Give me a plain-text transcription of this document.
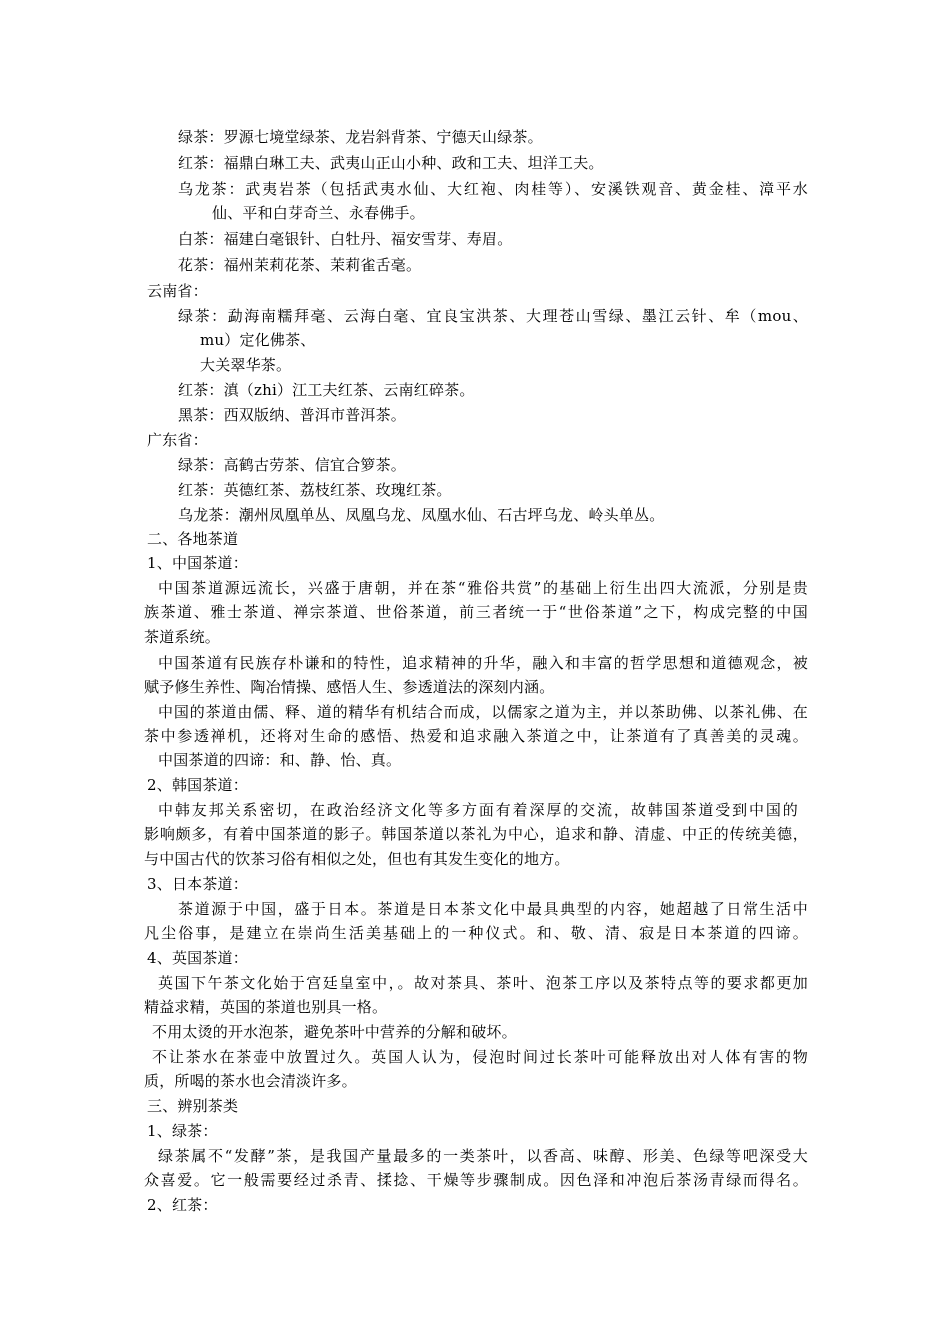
绿茶：罗源七境堂绿茶、龙岩斜背茶、宁德天山绿茶。
红茶：福鼎白琳工夫、武夷山正山小种、政和工夫、坦洋工夫。
乌龙茶：武夷岩茶（包括武夷水仙、大红袍、肉桂等）、安溪铁观音、黄金桂、漳平水
仙、平和白芽奇兰、永春佛手。
白茶：福建白毫银针、白牡丹、福安雪芽、寿眉。
花茶：福州茉莉花茶、茉莉雀舌毫。
云南省：
绿茶：勐海南糯拜毫、云海白毫、宜良宝洪茶、大理苍山雪绿、墨江云针、牟（mou、
mu）定化佛茶、
大关翠华茶。
红茶：滇（zhi）江工夫红茶、云南红碎茶。
黑茶：西双版纳、普洱市普洱茶。
广东省：
绿茶：高鹤古劳茶、信宜合箩茶。
红茶：英德红茶、荔枝红茶、玫瑰红茶。
乌龙茶：潮州凤凰单丛、凤凰乌龙、凤凰水仙、石古坪乌龙、岭头单丛。
二、各地茶道
1、中国茶道：
中国茶道源远流长，兴盛于唐朝，并在茶“雅俗共赏”的基础上衍生出四大流派，分别是贵
族茶道、雅士茶道、禅宗茶道、世俗茶道，前三者统一于“世俗茶道”之下，构成完整的中国
茶道系统。
中国茶道有民族存朴谦和的特性，追求精神的升华，融入和丰富的哲学思想和道德观念，被
赋予修生养性、陶冶情操、感悟人生、参透道法的深刻内涵。
中国的茶道由儒、释、道的精华有机结合而成，以儒家之道为主，并以茶助佛、以茶礼佛、在
茶中参透禅机，还将对生命的感悟、热爱和追求融入茶道之中，让茶道有了真善美的灵魂。
中国茶道的四谛：和、静、怡、真。
2、韩国茶道：
中韩友邦关系密切，在政治经济文化等多方面有着深厚的交流，故韩国茶道受到中国的
影响颇多，有着中国茶道的影子。韩国茶道以茶礼为中心，追求和静、清虚、中正的传统美德，
与中国古代的饮茶习俗有相似之处，但也有其发生变化的地方。
3、日本茶道：
茶道源于中国，盛于日本。茶道是日本茶文化中最具典型的内容，她超越了日常生活中
凡尘俗事，是建立在崇尚生活美基础上的一种仪式。和、敬、清、寂是日本茶道的四谛。
4、英国茶道：
英国下午茶文化始于宫廷皇室中，。故对茶具、茶叶、泡茶工序以及茶特点等的要求都更加
精益求精，英国的茶道也别具一格。
不用太烫的开水泡茶，避免茶叶中营养的分解和破坏。
不让茶水在茶壶中放置过久。英国人认为，侵泡时间过长茶叶可能释放出对人体有害的物
质，所喝的茶水也会清淡许多。
三、辨别茶类
1、绿茶：
绿茶属不“发酵”茶，是我国产量最多的一类茶叶，以香高、味醇、形美、色绿等吧深受大
众喜爱。它一般需要经过杀青、揉捻、干燥等步骤制成。因色泽和冲泡后茶汤青绿而得名。
2、红茶：
